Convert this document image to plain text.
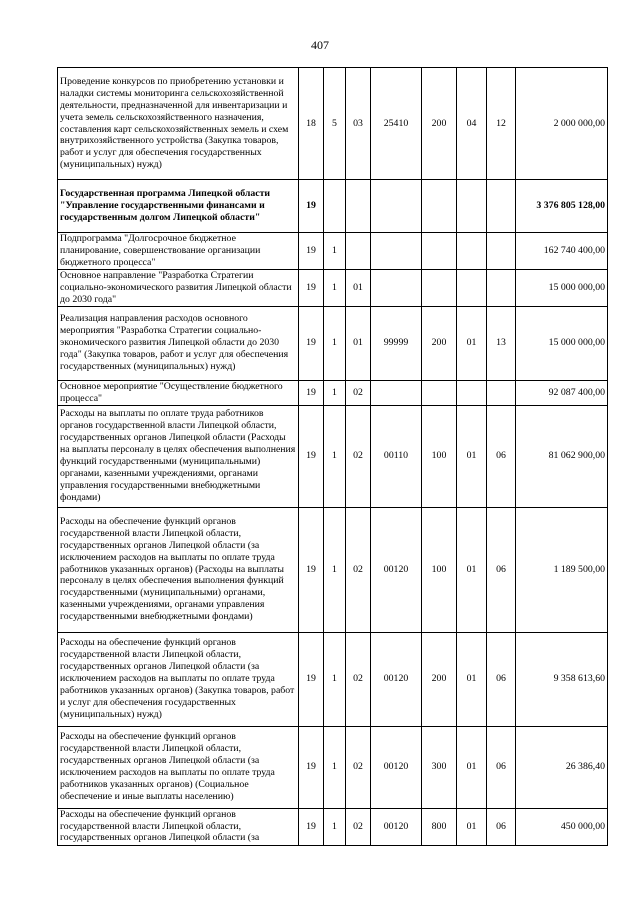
407
Проведение конкурсов по приобретению установки и наладки системы мониторинга сельскохозяйственной деятельности, предназначенной для инвентаризации и учета земель сельскохозяйственного назначения, составления карт сельскохозяйственных земель и схем внутрихозяйственного устройства (Закупка товаров, работ и услуг для обеспечения государственных (муниципальных) нужд)	18	5	03	25410	200	04	12	2 000 000,00
Государственная программа Липецкой области "Управление государственными финансами и государственным долгом Липецкой области"	19							3 376 805 128,00
Подпрограмма "Долгосрочное бюджетное планирование, совершенствование организации бюджетного процесса"	19	1						162 740 400,00
Основное направление "Разработка Стратегии социально-экономического развития Липецкой области до 2030 года"	19	1	01					15 000 000,00
Реализация направления расходов основного мероприятия "Разработка Стратегии социально-экономического развития Липецкой области до 2030 года" (Закупка товаров, работ и услуг для обеспечения государственных (муниципальных) нужд)	19	1	01	99999	200	01	13	15 000 000,00
Основное мероприятие "Осуществление бюджетного процесса"	19	1	02					92 087 400,00
Расходы на выплаты по оплате труда работников органов государственной власти Липецкой области, государственных органов Липецкой области (Расходы на выплаты персоналу в целях обеспечения выполнения функций государственными (муниципальными) органами, казенными учреждениями, органами управления государственными внебюджетными фондами)	19	1	02	00110	100	01	06	81 062 900,00
Расходы на обеспечение функций органов государственной власти Липецкой области, государственных органов Липецкой области (за исключением расходов на выплаты по оплате труда работников указанных органов) (Расходы на выплаты персоналу в целях обеспечения выполнения функций государственными (муниципальными) органами, казенными учреждениями, органами управления государственными внебюджетными фондами)	19	1	02	00120	100	01	06	1 189 500,00
Расходы на обеспечение функций органов государственной власти Липецкой области, государственных органов Липецкой области (за исключением расходов на выплаты по оплате труда работников указанных органов) (Закупка товаров, работ и услуг для обеспечения государственных (муниципальных) нужд)	19	1	02	00120	200	01	06	9 358 613,60
Расходы на обеспечение функций органов государственной власти Липецкой области, государственных органов Липецкой области (за исключением расходов на выплаты по оплате труда работников указанных органов) (Социальное обеспечение и иные выплаты населению)	19	1	02	00120	300	01	06	26 386,40
Расходы на обеспечение функций органов государственной власти Липецкой области, государственных органов Липецкой области (за	19	1	02	00120	800	01	06	450 000,00
